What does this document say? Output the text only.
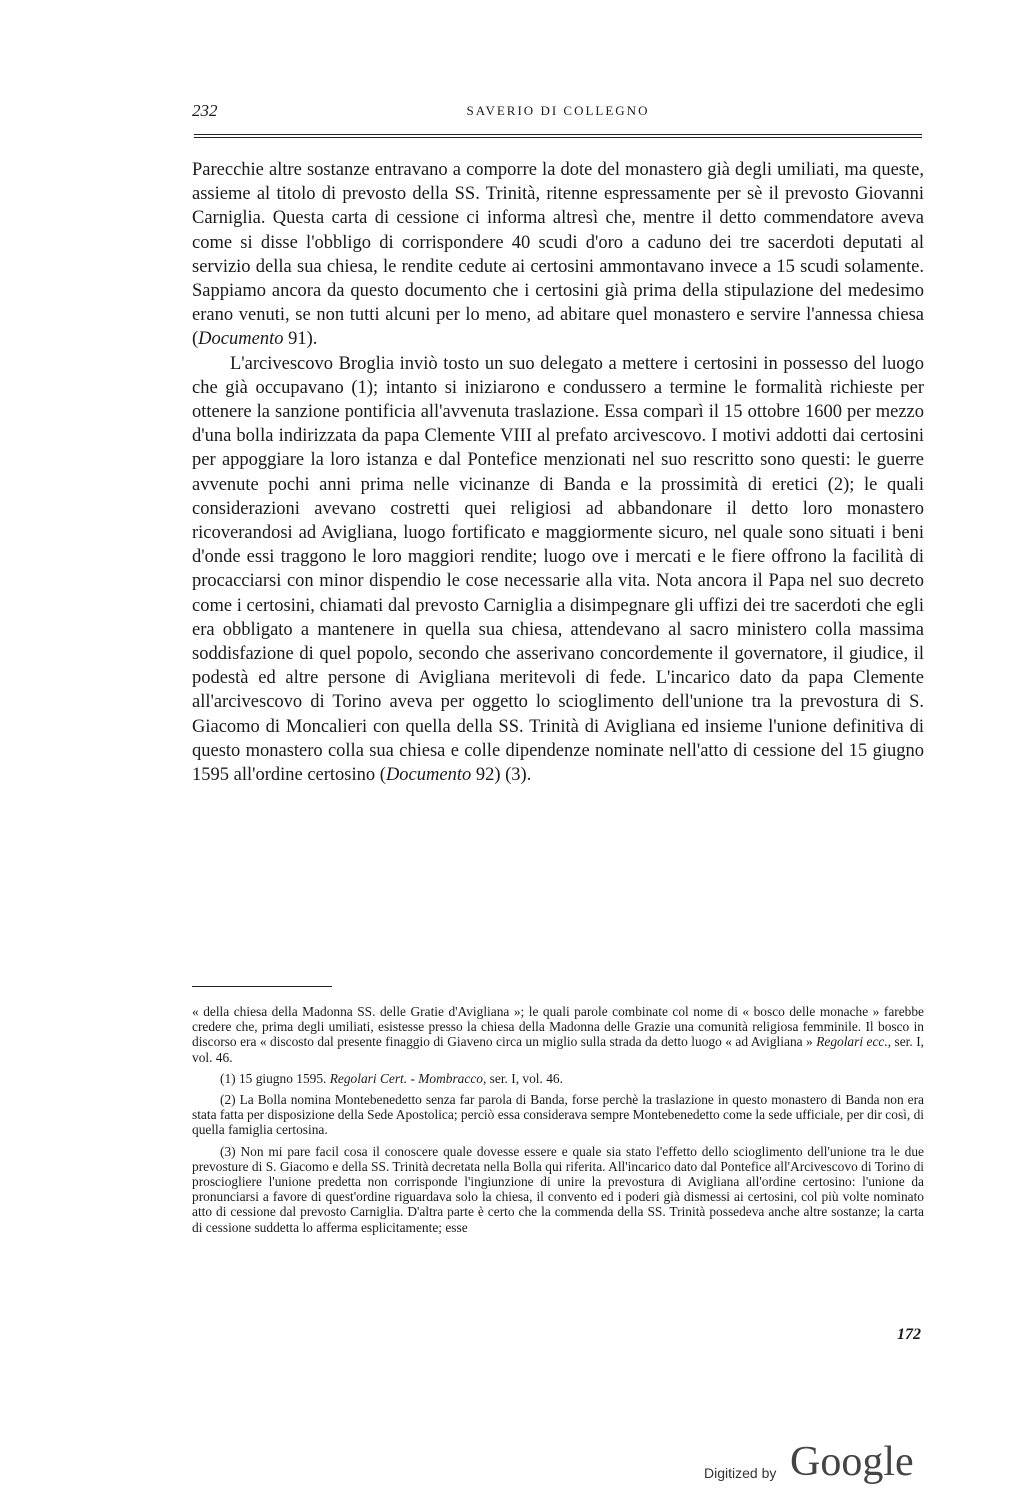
232	SAVERIO DI COLLEGNO

Parecchie altre sostanze entravano a comporre la dote del monastero già degli umiliati, ma queste, assieme al titolo di prevosto della SS. Trinità, ritenne espressamente per sè il prevosto Giovanni Carniglia. Questa carta di cessione ci informa altresì che, mentre il detto commendatore aveva come si disse l'obbligo di corrispondere 40 scudi d'oro a caduno dei tre sacerdoti deputati al servizio della sua chiesa, le rendite cedute ai certosini ammontavano invece a 15 scudi solamente. Sappiamo ancora da questo documento che i certosini già prima della stipulazione del medesimo erano venuti, se non tutti alcuni per lo meno, ad abitare quel monastero e servire l'annessa chiesa (Documento 91).

L'arcivescovo Broglia inviò tosto un suo delegato a mettere i certosini in possesso del luogo che già occupavano (1); intanto si iniziarono e condussero a termine le formalità richieste per ottenere la sanzione pontificia all'avvenuta traslazione. Essa comparì il 15 ottobre 1600 per mezzo d'una bolla indirizzata da papa Clemente VIII al prefato arcivescovo. I motivi addotti dai certosini per appoggiare la loro istanza e dal Pontefice menzionati nel suo rescritto sono questi: le guerre avvenute pochi anni prima nelle vicinanze di Banda e la prossimità di eretici (2); le quali considerazioni avevano costretti quei religiosi ad abbandonare il detto loro monastero ricoverandosi ad Avigliana, luogo fortificato e maggiormente sicuro, nel quale sono situati i beni d'onde essi traggono le loro maggiori rendite; luogo ove i mercati e le fiere offrono la facilità di procacciarsi con minor dispendio le cose necessarie alla vita. Nota ancora il Papa nel suo decreto come i certosini, chiamati dal prevosto Carniglia a disimpegnare gli uffizi dei tre sacerdoti che egli era obbligato a mantenere in quella sua chiesa, attendevano al sacro ministero colla massima soddisfazione di quel popolo, secondo che asserivano concordemente il governatore, il giudice, il podestà ed altre persone di Avigliana meritevoli di fede. L'incarico dato da papa Clemente all'arcivescovo di Torino aveva per oggetto lo scioglimento dell'unione tra la prevostura di S. Giacomo di Moncalieri con quella della SS. Trinità di Avigliana ed insieme l'unione definitiva di questo monastero colla sua chiesa e colle dipendenze nominate nell'atto di cessione del 15 giugno 1595 all'ordine certosino (Documento 92) (3).

« della chiesa della Madonna SS. delle Gratie d'Avigliana »; le quali parole combinate col nome di « bosco delle monache » farebbe credere che, prima degli umiliati, esistesse presso la chiesa della Madonna delle Grazie una comunità religiosa femminile. Il bosco in discorso era « discosto dal presente finaggio di Giaveno circa un miglio sulla strada da detto luogo « ad Avigliana » Regolari ecc., ser. I, vol. 46.

(1) 15 giugno 1595. Regolari Cert. - Mombracco, ser. I, vol. 46.

(2) La Bolla nomina Montebenedetto senza far parola di Banda, forse perchè la traslazione in questo monastero di Banda non era stata fatta per disposizione della Sede Apostolica; perciò essa considerava sempre Montebenedetto come la sede ufficiale, per dir così, di quella famiglia certosina.

(3) Non mi pare facil cosa il conoscere quale dovesse essere e quale sia stato l'effetto dello scioglimento dell'unione tra le due prevosture di S. Giacomo e della SS. Trinità decretata nella Bolla qui riferita. All'incarico dato dal Pontefice all'Arcivescovo di Torino di prosciogliere l'unione predetta non corrisponde l'ingiunzione di unire la prevostura di Avigliana all'ordine certosino: l'unione da pronunciarsi a favore di quest'ordine riguardava solo la chiesa, il convento ed i poderi già dismessi ai certosini, col più volte nominato atto di cessione dal prevosto Carniglia. D'altra parte è certo che la commenda della SS. Trinità possedeva anche altre sostanze; la carta di cessione suddetta lo afferma esplicitamente; esse

172
Digitized by Google
